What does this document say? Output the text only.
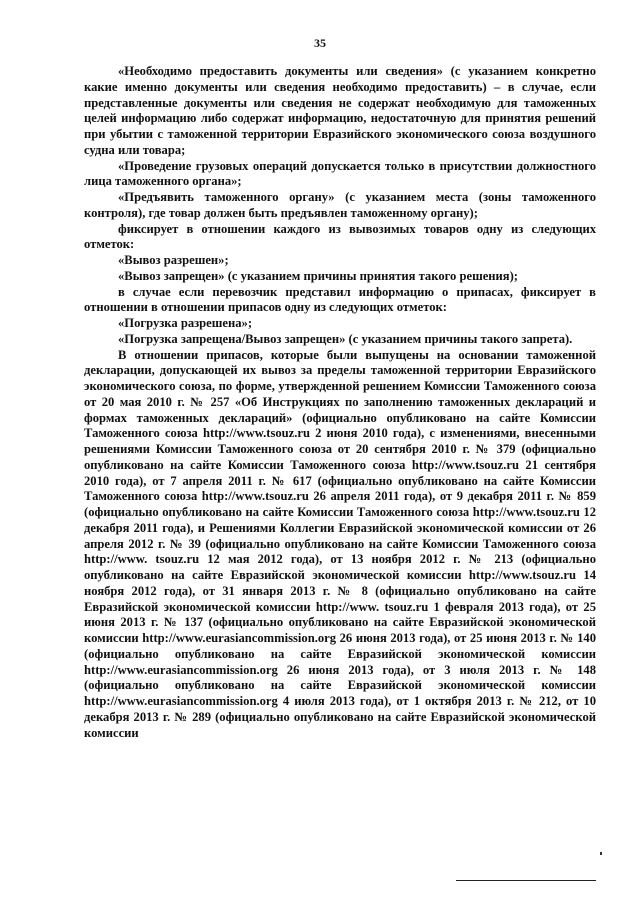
35

«Необходимо предоставить документы или сведения» (с указанием конкретно какие именно документы или сведения необходимо предоставить) – в случае, если представленные документы или сведения не содержат необходимую для таможенных целей информацию либо содержат информацию, недостаточную для принятия решений при убытии с таможенной территории Евразийского экономического союза воздушного судна или товара;

«Проведение грузовых операций допускается только в присутствии должностного лица таможенного органа»;

«Предъявить таможенного органу» (с указанием места (зоны таможенного контроля), где товар должен быть предъявлен таможенному органу);

фиксирует в отношении каждого из вывозимых товаров одну из следующих отметок:

«Вывоз разрешен»;

«Вывоз запрещен» (с указанием причины принятия такого решения);

в случае если перевозчик представил информацию о припасах, фиксирует в отношении в отношении припасов одну из следующих отметок:

«Погрузка разрешена»;

«Погрузка запрещена/Вывоз запрещен» (с указанием причины такого запрета).

В отношении припасов, которые были выпущены на основании таможенной декларации, допускающей их вывоз за пределы таможенной территории Евразийского экономического союза, по форме, утвержденной решением Комиссии Таможенного союза от 20 мая 2010 г. № 257 «Об Инструкциях по заполнению таможенных деклараций и формах таможенных деклараций» (официально опубликовано на сайте Комиссии Таможенного союза http://www.tsouz.ru 2 июня 2010 года), с изменениями, внесенными решениями Комиссии Таможенного союза от 20 сентября 2010 г. № 379 (официально опубликовано на сайте Комиссии Таможенного союза http://www.tsouz.ru 21 сентября 2010 года), от 7 апреля 2011 г. № 617 (официально опубликовано на сайте Комиссии Таможенного союза http://www.tsouz.ru 26 апреля 2011 года), от 9 декабря 2011 г. № 859 (официально опубликовано на сайте Комиссии Таможенного союза http://www.tsouz.ru 12 декабря 2011 года), и Решениями Коллегии Евразийской экономической комиссии от 26 апреля 2012 г. № 39 (официально опубликовано на сайте Комиссии Таможенного союза http://www. tsouz.ru 12 мая 2012 года), от 13 ноября 2012 г. № 213 (официально опубликовано на сайте Евразийской экономической комиссии http://www.tsouz.ru 14 ноября 2012 года), от 31 января 2013 г. № 8 (официально опубликовано на сайте Евразийской экономической комиссии http://www. tsouz.ru 1 февраля 2013 года), от 25 июня 2013 г. № 137 (официально опубликовано на сайте Евразийской экономической комиссии http://www.eurasiancommission.org 26 июня 2013 года), от 25 июня 2013 г. № 140 (официально опубликовано на сайте Евразийской экономической комиссии http://www.eurasiancommission.org 26 июня 2013 года), от 3 июля 2013 г. № 148 (официально опубликовано на сайте Евразийской экономической комиссии http://www.eurasiancommission.org 4 июля 2013 года), от 1 октября 2013 г. № 212, от 10 декабря 2013 г. № 289 (официально опубликовано на сайте Евразийской экономической комиссии
